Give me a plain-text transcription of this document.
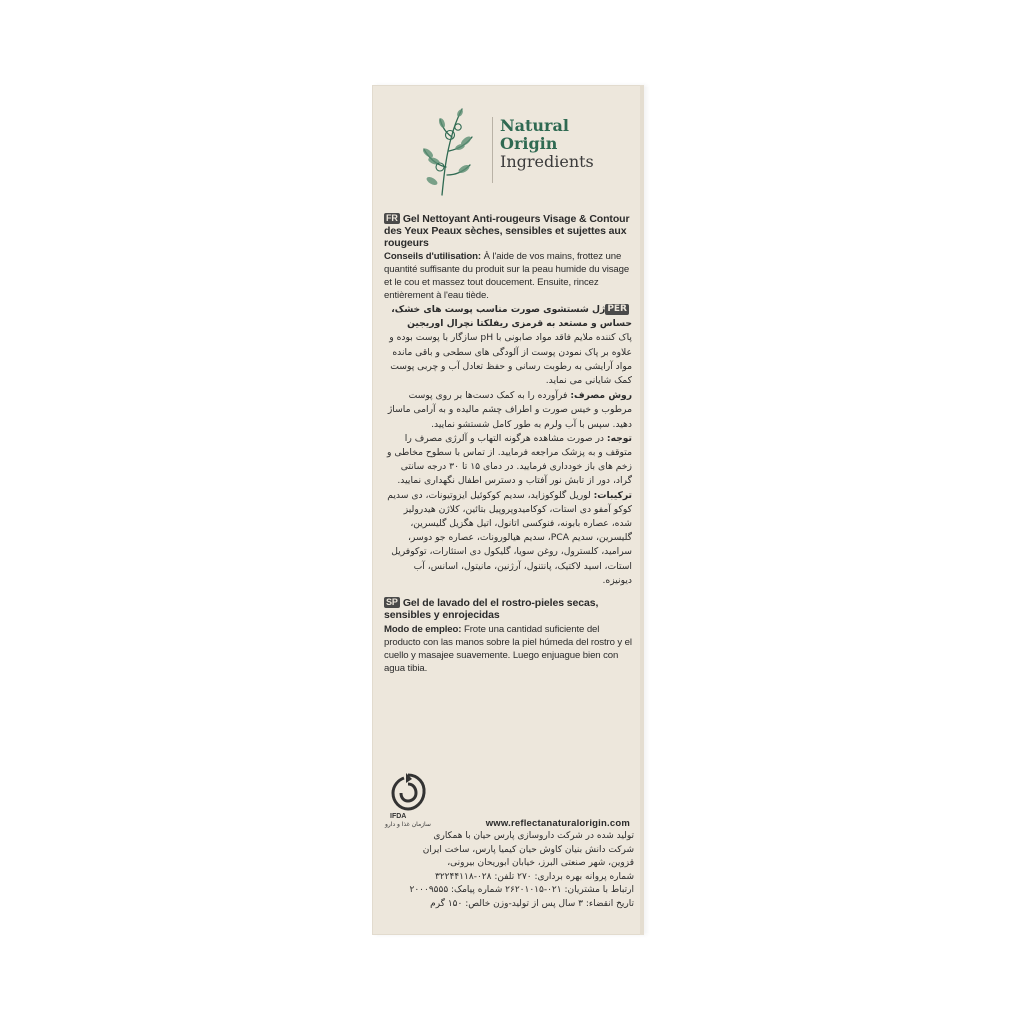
Natural
Origin
Ingredients
FR Gel Nettoyant Anti-rougeurs Visage & Contour des Yeux Peaux sèches, sensibles et sujettes aux rougeurs
Conseils d'utilisation: À l'aide de vos mains, frottez une quantité suffisante du produit sur la peau humide du visage et le cou et massez tout doucement. Ensuite, rincez entièrement à l'eau tiède.
PERژل شستشوی صورت مناسب پوست های خشک، حساس و مستعد به قرمزی ریفلکتا نچرال اوریجین
پاک کننده ملایم فاقد مواد صابونی با pH سازگار با پوست بوده و علاوه بر پاک نمودن پوست از آلودگی های سطحی و باقی مانده مواد آرایشی به رطوبت رسانی و حفظ تعادل آب و چربی پوست کمک شایانی می نماید.
روش مصرف: فرآورده را به کمک دست‌ها بر روی پوست مرطوب و خیس صورت و اطراف چشم مالیده و به آرامی ماساژ دهید. سپس با آب ولرم به طور کامل شستشو نمایید.
توجه: در صورت مشاهده هرگونه التهاب و آلرژی مصرف را متوقف و به پزشک مراجعه فرمایید. از تماس با سطوح مخاطی و زخم های باز خودداری فرمایید. در دمای ۱۵ تا ۳۰ درجه سانتی گراد، دور از تابش نور آفتاب و دسترس اطفال نگهداری نمایید.
ترکیبات: لوریل گلوکوزاید، سدیم کوکوئیل ایزوتیونات، دی سدیم کوکو آمفو دی استات، کوکامیدوپروپیل بتائین، کلاژن هیدرولیز شده، عصاره بابونه، فنوکسی اتانول، اتیل هگزیل گلیسرین، گلیسرین، سدیم PCA، سدیم هیالورونات، عصاره جو دوسر، سرامید، کلسترول، روغن سویا، گلیکول دی استئارات، توکوفریل استات، اسید لاکتیک، پانتنول، آرژنین، مانیتول، اسانس، آب دیونیزه.
SP Gel de lavado del el rostro-pieles secas, sensibles y enrojecidas
Modo de empleo: Frote una cantidad suficiente del producto con las manos sobre la piel húmeda del rostro y el cuello y masajee suavemente. Luego enjuague bien con agua tibia.
IFDA
سازمان غذا و دارو	www.reflectanaturalorigin.com
تولید شده در شرکت داروسازی پارس حیان با همکاری
شرکت دانش بنیان کاوش حیان کیمیا پارس، ساخت ایران
قزوین، شهر صنعتی البرز، خیابان ابوریحان بیرونی،
شماره پروانه بهره برداری: ۲۷۰ تلفن: ۰۲۸-۳۲۲۴۴۱۱۸
ارتباط با مشتریان: ۰۲۱-۲۶۲۰۱۰۱۵ شماره پیامک: ۲۰۰۰۹۵۵۵
تاریخ انقضاء: ۳ سال پس از تولید-وزن خالص: ۱۵۰ گرم
